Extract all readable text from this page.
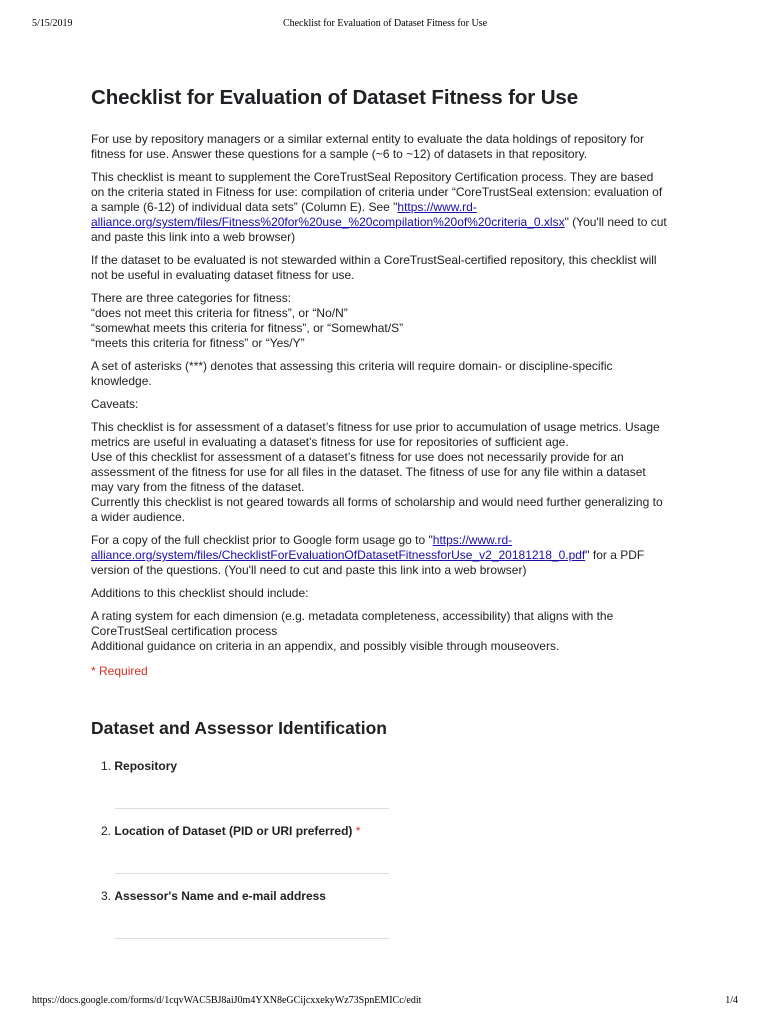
5/15/2019	Checklist for Evaluation of Dataset Fitness for Use
Checklist for Evaluation of Dataset Fitness for Use

For use by repository managers or a similar external entity to evaluate the data holdings of repository for fitness for use. Answer these questions for a sample (~6 to ~12) of datasets in that repository.

This checklist is meant to supplement the CoreTrustSeal Repository Certification process. They are based on the criteria stated in Fitness for use: compilation of criteria under “CoreTrustSeal extension: evaluation of a sample (6-12) of individual data sets” (Column E). See "https://www.rd-alliance.org/system/files/Fitness%20for%20use_%20compilation%20of%20criteria_0.xlsx" (You'll need to cut and paste this link into a web browser)

If the dataset to be evaluated is not stewarded within a CoreTrustSeal-certified repository, this checklist will not be useful in evaluating dataset fitness for use.

There are three categories for fitness:
“does not meet this criteria for fitness”, or “No/N”
“somewhat meets this criteria for fitness”, or “Somewhat/S”
“meets this criteria for fitness” or “Yes/Y”

A set of asterisks (***) denotes that assessing this criteria will require domain- or discipline-specific knowledge.

Caveats:

This checklist is for assessment of a dataset’s fitness for use prior to accumulation of usage metrics. Usage metrics are useful in evaluating a dataset's fitness for use for repositories of sufficient age.
Use of this checklist for assessment of a dataset’s fitness for use does not necessarily provide for an assessment of the fitness for use for all files in the dataset. The fitness of use for any file within a dataset may vary from the fitness of the dataset.
Currently this checklist is not geared towards all forms of scholarship and would need further generalizing to a wider audience.

For a copy of the full checklist prior to Google form usage go to "https://www.rd-alliance.org/system/files/ChecklistForEvaluationOfDatasetFitnessforUse_v2_20181218_0.pdf" for a PDF version of the questions. (You'll need to cut and paste this link into a web browser)

Additions to this checklist should include:

A rating system for each dimension (e.g. metadata completeness, accessibility) that aligns with the CoreTrustSeal certification process
Additional guidance on criteria in an appendix, and possibly visible through mouseovers.

* Required
Dataset and Assessor Identification
1. Repository
2. Location of Dataset (PID or URI preferred) *
3. Assessor's Name and e-mail address
https://docs.google.com/forms/d/1cqvWAC5BJ8aiJ0m4YXN8eGCijcxxekyWz73SpnEMICc/edit	1/4
